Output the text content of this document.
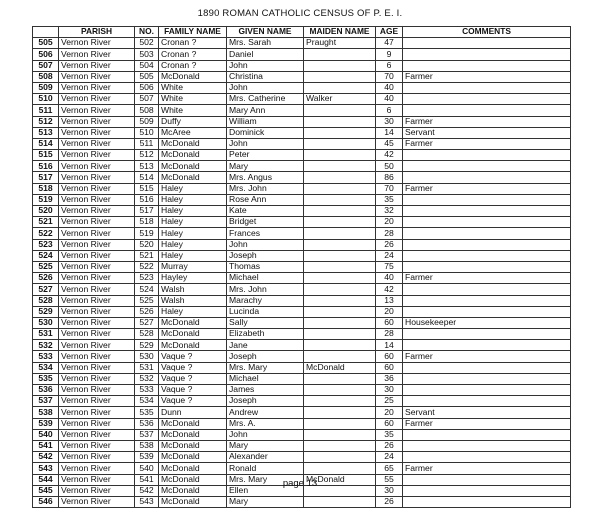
1890 ROMAN CATHOLIC CENSUS OF P. E. I.
	PARISH	NO.	FAMILY NAME	GIVEN NAME	MAIDEN NAME	AGE	COMMENTS
505	Vernon River	502	Cronan ?	Mrs. Sarah	Praught	47	
506	Vernon River	503	Cronan ?	Daniel		9	
507	Vernon River	504	Cronan ?	John		6	
508	Vernon River	505	McDonald	Christina		70	Farmer
509	Vernon River	506	White	John		40	
510	Vernon River	507	White	Mrs. Catherine	Walker	40	
511	Vernon River	508	White	Mary Ann		6	
512	Vernon River	509	Duffy	William		30	Farmer
513	Vernon River	510	McAree	Dominick		14	Servant
514	Vernon River	511	McDonald	John		45	Farmer
515	Vernon River	512	McDonald	Peter		42	
516	Vernon River	513	McDonald	Mary		50	
517	Vernon River	514	McDonald	Mrs. Angus		86	
518	Vernon River	515	Haley	Mrs. John		70	Farmer
519	Vernon River	516	Haley	Rose Ann		35	
520	Vernon River	517	Haley	Kate		32	
521	Vernon River	518	Haley	Bridget		20	
522	Vernon River	519	Haley	Frances		28	
523	Vernon River	520	Haley	John		26	
524	Vernon River	521	Haley	Joseph		24	
525	Vernon River	522	Murray	Thomas		75	
526	Vernon River	523	Hayley	Michael		40	Farmer
527	Vernon River	524	Walsh	Mrs. John		42	
528	Vernon River	525	Walsh	Marachy		13	
529	Vernon River	526	Haley	Lucinda		20	
530	Vernon River	527	McDonald	Sally		60	Housekeeper
531	Vernon River	528	McDonald	Elizabeth		28	
532	Vernon River	529	McDonald	Jane		14	
533	Vernon River	530	Vaque ?	Joseph		60	Farmer
534	Vernon River	531	Vaque ?	Mrs. Mary	McDonald	60	
535	Vernon River	532	Vaque ?	Michael		36	
536	Vernon River	533	Vaque ?	James		30	
537	Vernon River	534	Vaque ?	Joseph		25	
538	Vernon River	535	Dunn	Andrew		20	Servant
539	Vernon River	536	McDonald	Mrs. A.		60	Farmer
540	Vernon River	537	McDonald	John		35	
541	Vernon River	538	McDonald	Mary		26	
542	Vernon River	539	McDonald	Alexander		24	
543	Vernon River	540	McDonald	Ronald		65	Farmer
544	Vernon River	541	McDonald	Mrs. Mary	McDonald	55	
545	Vernon River	542	McDonald	Ellen		30	
546	Vernon River	543	McDonald	Mary		26	
page 13
